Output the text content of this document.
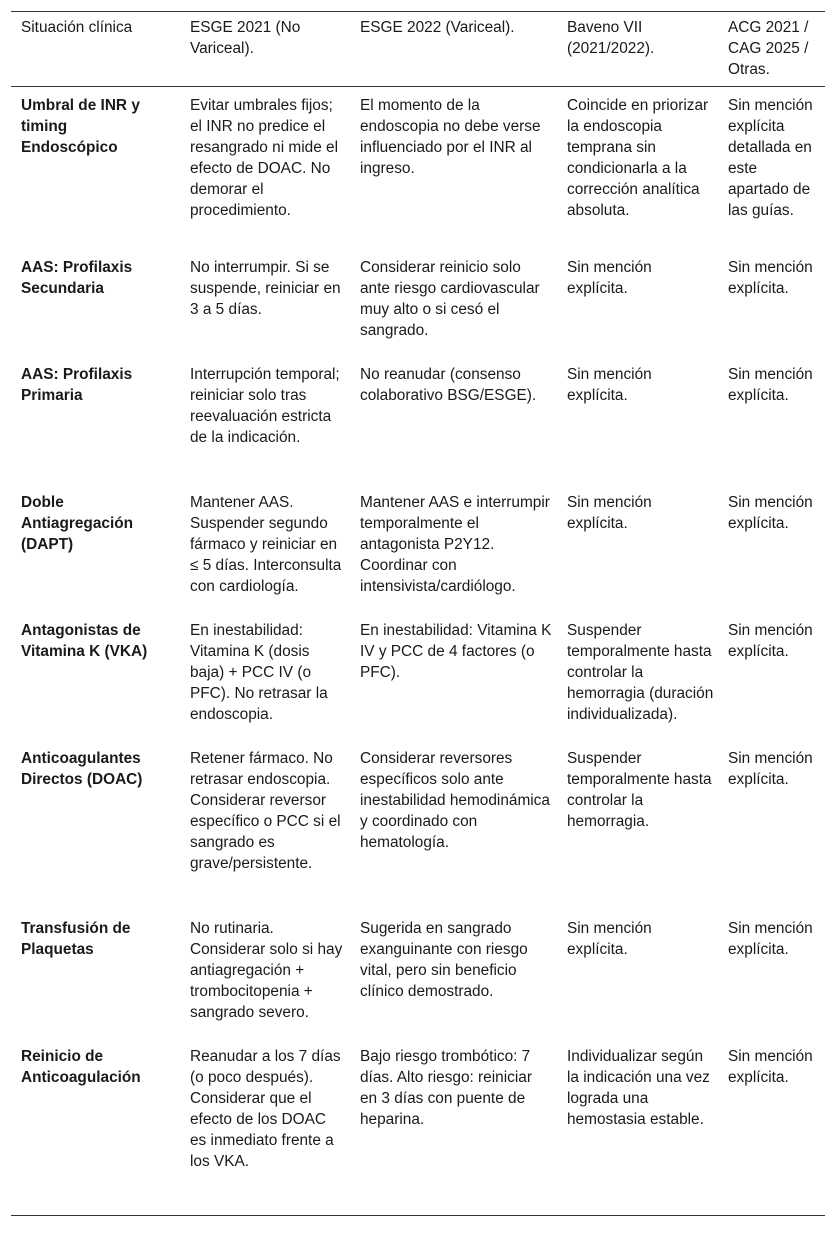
Situación clínica	ESGE 2021 (No Variceal).	ESGE 2022 (Variceal).	Baveno VII (2021/2022).	ACG 2021 / CAG 2025 / Otras.

Umbral de INR y timing Endoscópico	Evitar umbrales fijos; el INR no predice el resangrado ni mide el efecto de DOAC. No demorar el procedimiento.	El momento de la endoscopia no debe verse influenciado por el INR al ingreso.	Coincide en priorizar la endoscopia temprana sin condicionarla a la corrección analítica absoluta.	Sin mención explícita detallada en este apartado de las guías.
AAS: Profilaxis Secundaria	No interrumpir. Si se suspende, reiniciar en 3 a 5 días.	Considerar reinicio solo ante riesgo cardiovascular muy alto o si cesó el sangrado.	Sin mención explícita.	Sin mención explícita.
AAS: Profilaxis Primaria	Interrupción temporal; reiniciar solo tras reevaluación estricta de la indicación.	No reanudar (consenso colaborativo BSG/ESGE).	Sin mención explícita.	Sin mención explícita.
Doble Antiagregación (DAPT)	Mantener AAS. Suspender segundo fármaco y reiniciar en ≤ 5 días. Interconsulta con cardiología.	Mantener AAS e interrumpir temporalmente el antagonista P2Y12. Coordinar con intensivista/cardiólogo.	Sin mención explícita.	Sin mención explícita.

Antagonistas de Vitamina K (VKA)	En inestabilidad: Vitamina K (dosis baja) + PCC IV (o PFC). No retrasar la endoscopia.	En inestabilidad: Vitamina K IV y PCC de 4 factores (o PFC).	Suspender temporalmente hasta controlar la hemorragia (duración individualizada).	Sin mención explícita.

Anticoagulantes Directos (DOAC)	Retener fármaco. No retrasar endoscopia. Considerar reversor específico o PCC si el sangrado es grave/persistente.	Considerar reversores específicos solo ante inestabilidad hemodinámica y coordinado con hematología.	Suspender temporalmente hasta controlar la hemorragia.	Sin mención explícita.
Transfusión de Plaquetas	No rutinaria. Considerar solo si hay antiagregación + trombocitopenia + sangrado severo.	Sugerida en sangrado exanguinante con riesgo vital, pero sin beneficio clínico demostrado.	Sin mención explícita.	Sin mención explícita.
Reinicio de Anticoagulación	Reanudar a los 7 días (o poco después). Considerar que el efecto de los DOAC es inmediato frente a los VKA.	Bajo riesgo trombótico: 7 días. Alto riesgo: reiniciar en 3 días con puente de heparina.	Individualizar según la indicación una vez lograda una hemostasia estable.	Sin mención explícita.
